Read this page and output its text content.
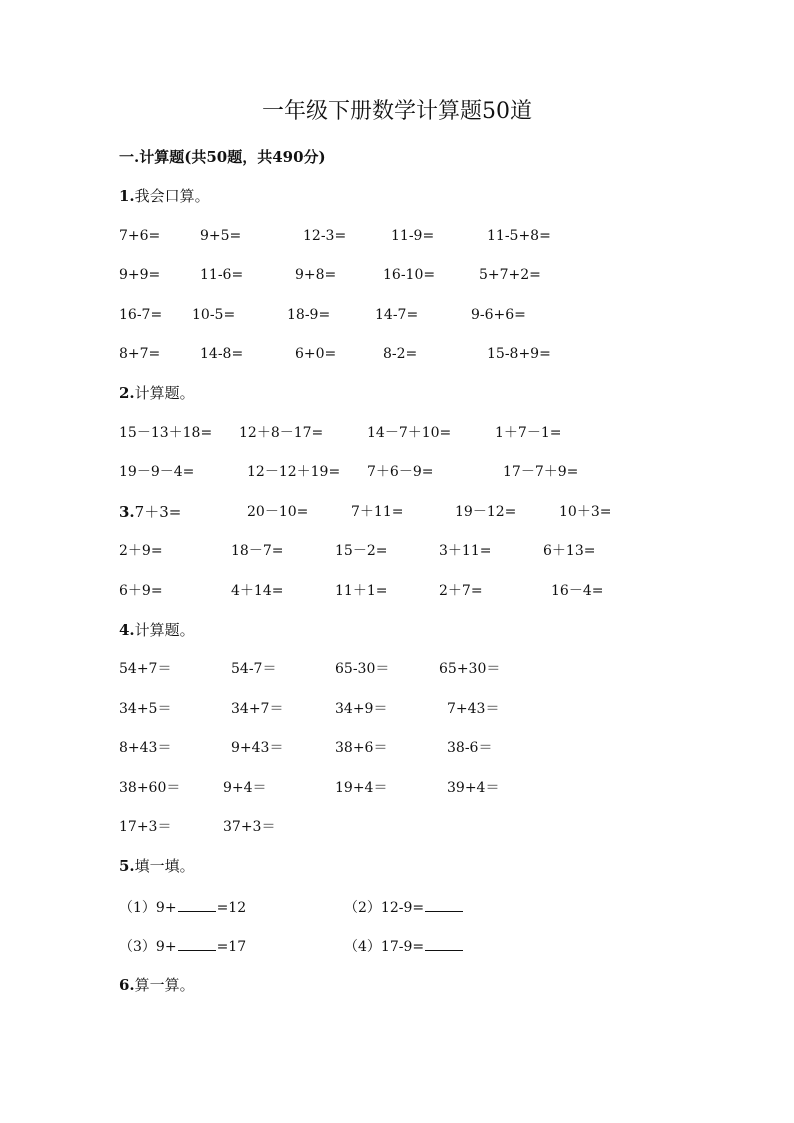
一年级下册数学计算题50道
一.计算题(共50题，共490分)
1.我会口算。
7+6=	9+5=	12-3=	11-9=	11-5+8=
9+9=	11-6=	9+8=	16-10=	5+7+2=
16-7= 10-5=	18-9=	14-7=	9-6+6=
8+7=	14-8=	6+0=	8-2=	15-8+9=
2.计算题。
15－13＋18= 12＋8－17=	14－7＋10=	1＋7－1=
19－9－4=	12－12＋19= 7＋6－9=	17－7＋9=
3.7＋3=	20－10=	7＋11=	19－12=	10＋3=
2＋9=	18－7=	15－2=	3＋11=	6＋13=
6＋9=	4＋14=	11＋1=	2＋7=	16－4=
4.计算题。
54+7＝	54-7＝	65-30＝	65+30＝
34+5＝	34+7＝	34+9＝	7+43＝
8+43＝	9+43＝	38+6＝	38-6＝
38+60＝	9+4＝	19+4＝	39+4＝
17+3＝	37+3＝
5.填一填。
（1）9+	=12	（2）12-9=
（3）9+	=17	（4）17-9=
6.算一算。
